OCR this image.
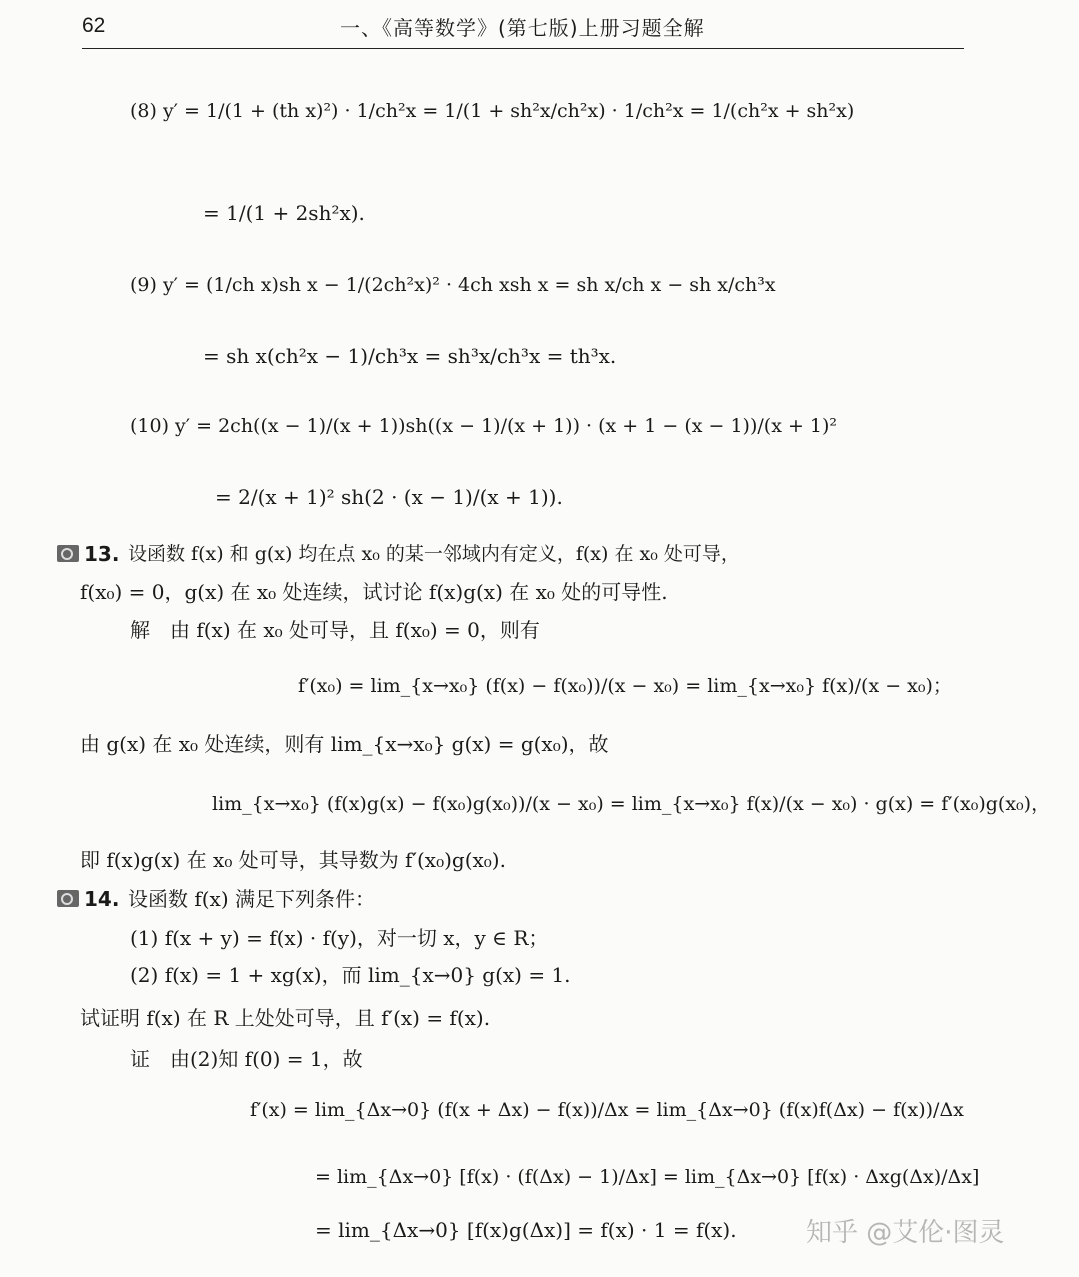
62	一、《高等数学》(第七版)上册习题全解
(8) y′ = 1/(1 + (th x)²) · 1/ch²x = 1/(1 + sh²x/ch²x) · 1/ch²x = 1/(ch²x + sh²x)
= 1/(1 + 2sh²x).
(9) y′ = (1/ch x)sh x − 1/(2ch²x)² · 4ch xsh x = sh x/ch x − sh x/ch³x
= sh x(ch²x − 1)/ch³x = sh³x/ch³x = th³x.
(10) y′ = 2ch((x − 1)/(x + 1))sh((x − 1)/(x + 1)) · (x + 1 − (x − 1))/(x + 1)²
= 2/(x + 1)² sh(2 · (x − 1)/(x + 1)).
13. 设函数 f(x) 和 g(x) 均在点 x₀ 的某一邻域内有定义，f(x) 在 x₀ 处可导，
f(x₀) = 0，g(x) 在 x₀ 处连续，试讨论 f(x)g(x) 在 x₀ 处的可导性.
解　由 f(x) 在 x₀ 处可导，且 f(x₀) = 0，则有
f′(x₀) = lim_{x→x₀} (f(x) − f(x₀))/(x − x₀) = lim_{x→x₀} f(x)/(x − x₀)；
由 g(x) 在 x₀ 处连续，则有 lim_{x→x₀} g(x) = g(x₀)，故
lim_{x→x₀} (f(x)g(x) − f(x₀)g(x₀))/(x − x₀) = lim_{x→x₀} f(x)/(x − x₀) · g(x) = f′(x₀)g(x₀)，
即 f(x)g(x) 在 x₀ 处可导，其导数为 f′(x₀)g(x₀).
14. 设函数 f(x) 满足下列条件：
(1) f(x + y) = f(x) · f(y)，对一切 x，y ∈ R；
(2) f(x) = 1 + xg(x)，而 lim_{x→0} g(x) = 1.
试证明 f(x) 在 R 上处处可导，且 f′(x) = f(x).
证　由(2)知 f(0) = 1，故
f′(x) = lim_{Δx→0} (f(x + Δx) − f(x))/Δx = lim_{Δx→0} (f(x)f(Δx) − f(x))/Δx
= lim_{Δx→0} [f(x) · (f(Δx) − 1)/Δx] = lim_{Δx→0} [f(x) · Δxg(Δx)/Δx]
= lim_{Δx→0} [f(x)g(Δx)] = f(x) · 1 = f(x).	知乎 @艾伦·图灵
